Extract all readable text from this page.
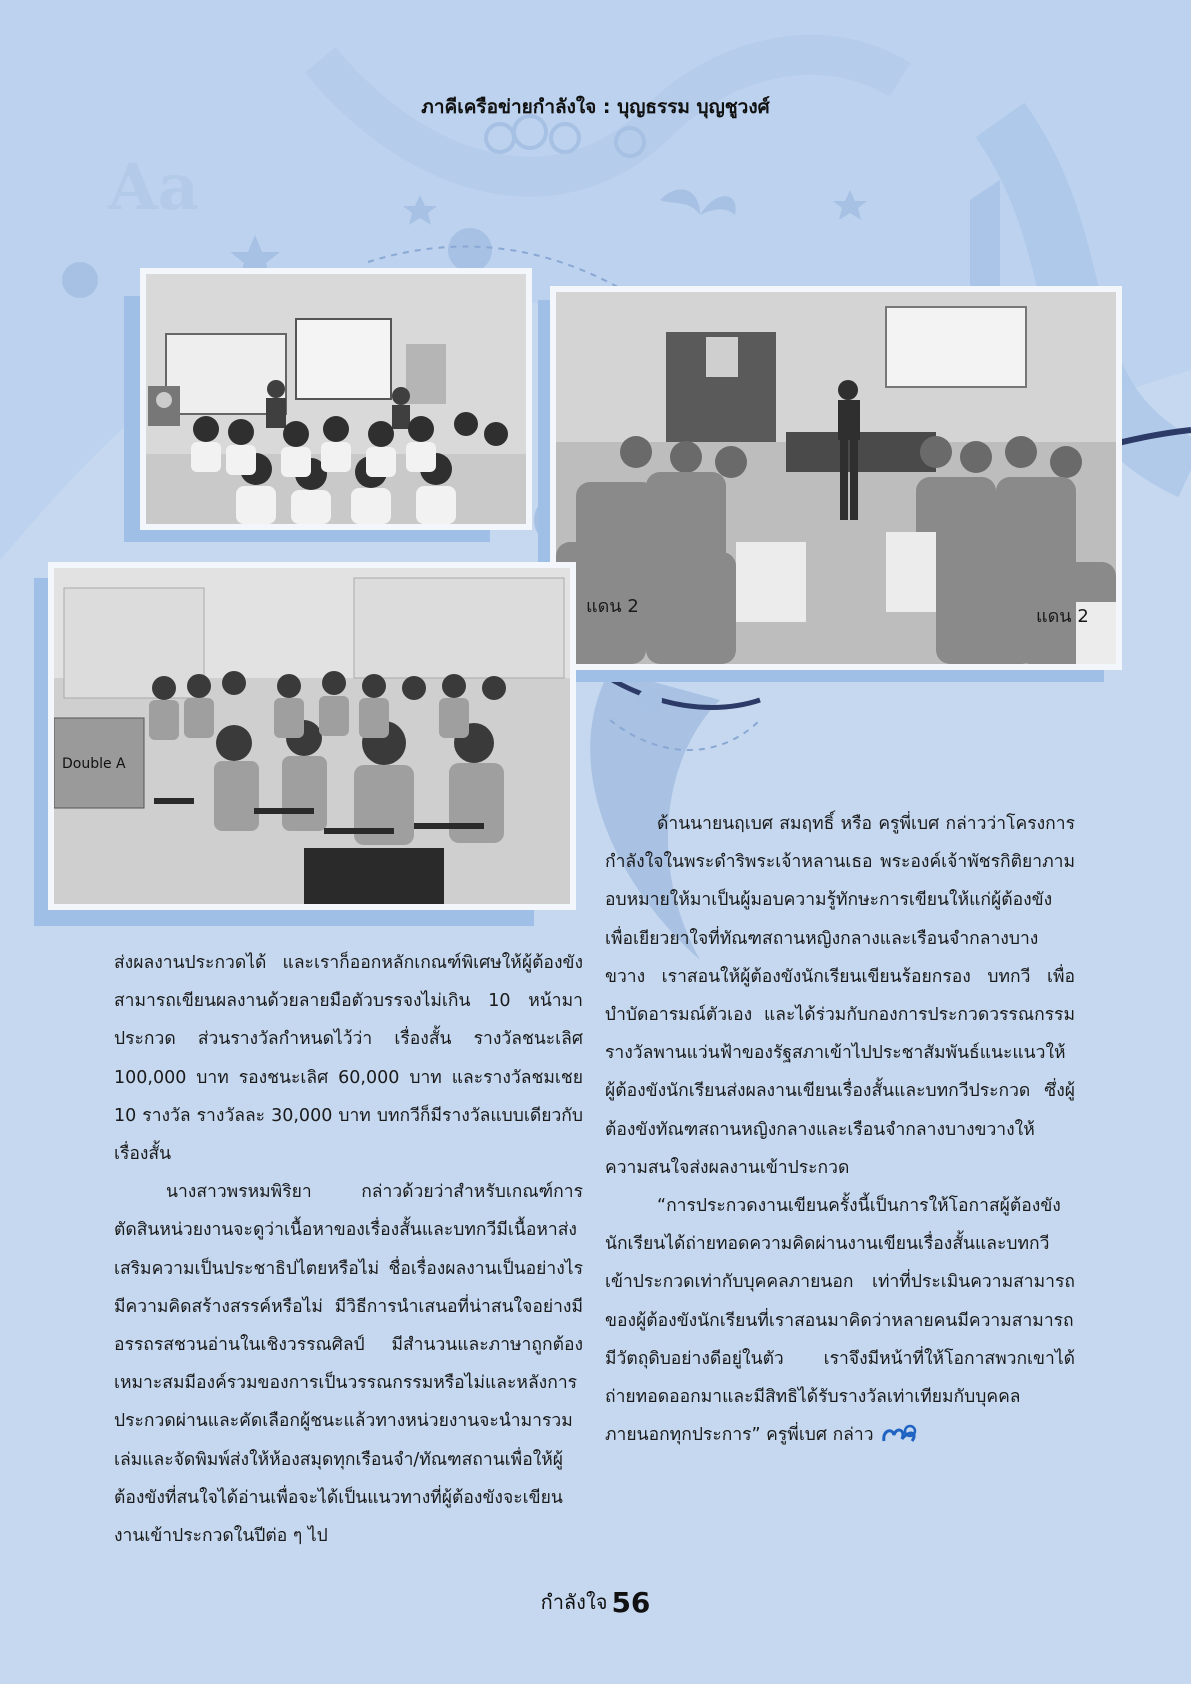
Aa
ภาคีเครือข่ายกำลังใจ : บุญธรรม บุญชูวงศ์
แดน 2	แดน 2
Double A

ส่งผลงานประกวดได้ และเราก็ออกหลักเกณฑ์พิเศษให้ผู้ต้องขังสามารถเขียนผลงานด้วยลายมือตัวบรรจงไม่เกิน 10 หน้ามาประกวด ส่วนรางวัลกำหนดไว้ว่า เรื่องสั้น รางวัลชนะเลิศ 100,000 บาท รองชนะเลิศ 60,000 บาท และรางวัลชมเชย 10 รางวัล รางวัลละ 30,000 บาท บทกวีก็มีรางวัลแบบเดียวกับเรื่องสั้น

นางสาวพรหมพิริยา กล่าวด้วยว่าสำหรับเกณฑ์การตัดสินหน่วยงานจะดูว่าเนื้อหาของเรื่องสั้นและบทกวีมีเนื้อหาส่งเสริมความเป็นประชาธิปไตยหรือไม่ ชื่อเรื่องผลงานเป็นอย่างไรมีความคิดสร้างสรรค์หรือไม่ มีวิธีการนำเสนอที่น่าสนใจอย่างมีอรรถรสชวนอ่านในเชิงวรรณศิลป์ มีสำนวนและภาษาถูกต้องเหมาะสมมีองค์รวมของการเป็นวรรณกรรมหรือไม่และหลังการประกวดผ่านและคัดเลือกผู้ชนะแล้วทางหน่วยงานจะนำมารวมเล่มและจัดพิมพ์ส่งให้ห้องสมุดทุกเรือนจำ/ทัณฑสถานเพื่อให้ผู้ต้องขังที่สนใจได้อ่านเพื่อจะได้เป็นแนวทางที่ผู้ต้องขังจะเขียนงานเข้าประกวดในปีต่อ ๆ ไป

ด้านนายนฤเบศ สมฤทธิ์ หรือ ครูพี่เบศ กล่าวว่าโครงการกำลังใจในพระดำริพระเจ้าหลานเธอ พระองค์เจ้าพัชรกิติยาภามอบหมายให้มาเป็นผู้มอบความรู้ทักษะการเขียนให้แก่ผู้ต้องขังเพื่อเยียวยาใจที่ทัณฑสถานหญิงกลางและเรือนจำกลางบางขวาง เราสอนให้ผู้ต้องขังนักเรียนเขียนร้อยกรอง บทกวี เพื่อบำบัดอารมณ์ตัวเอง และได้ร่วมกับกองการประกวดวรรณกรรมรางวัลพานแว่นฟ้าของรัฐสภาเข้าไปประชาสัมพันธ์แนะแนวให้ผู้ต้องขังนักเรียนส่งผลงานเขียนเรื่องสั้นและบทกวีประกวด ซึ่งผู้ต้องขังทัณฑสถานหญิงกลางและเรือนจำกลางบางขวางให้ความสนใจส่งผลงานเข้าประกวด

“การประกวดงานเขียนครั้งนี้เป็นการให้โอกาสผู้ต้องขังนักเรียนได้ถ่ายทอดความคิดผ่านงานเขียนเรื่องสั้นและบทกวีเข้าประกวดเท่ากับบุคคลภายนอก เท่าที่ประเมินความสามารถของผู้ต้องขังนักเรียนที่เราสอนมาคิดว่าหลายคนมีความสามารถมีวัตถุดิบอย่างดีอยู่ในตัว เราจึงมีหน้าที่ให้โอกาสพวกเขาได้ถ่ายทอดออกมาและมีสิทธิได้รับรางวัลเท่าเทียมกับบุคคลภายนอกทุกประการ” ครูพี่เบศ กล่าว

กำลังใจ 56
